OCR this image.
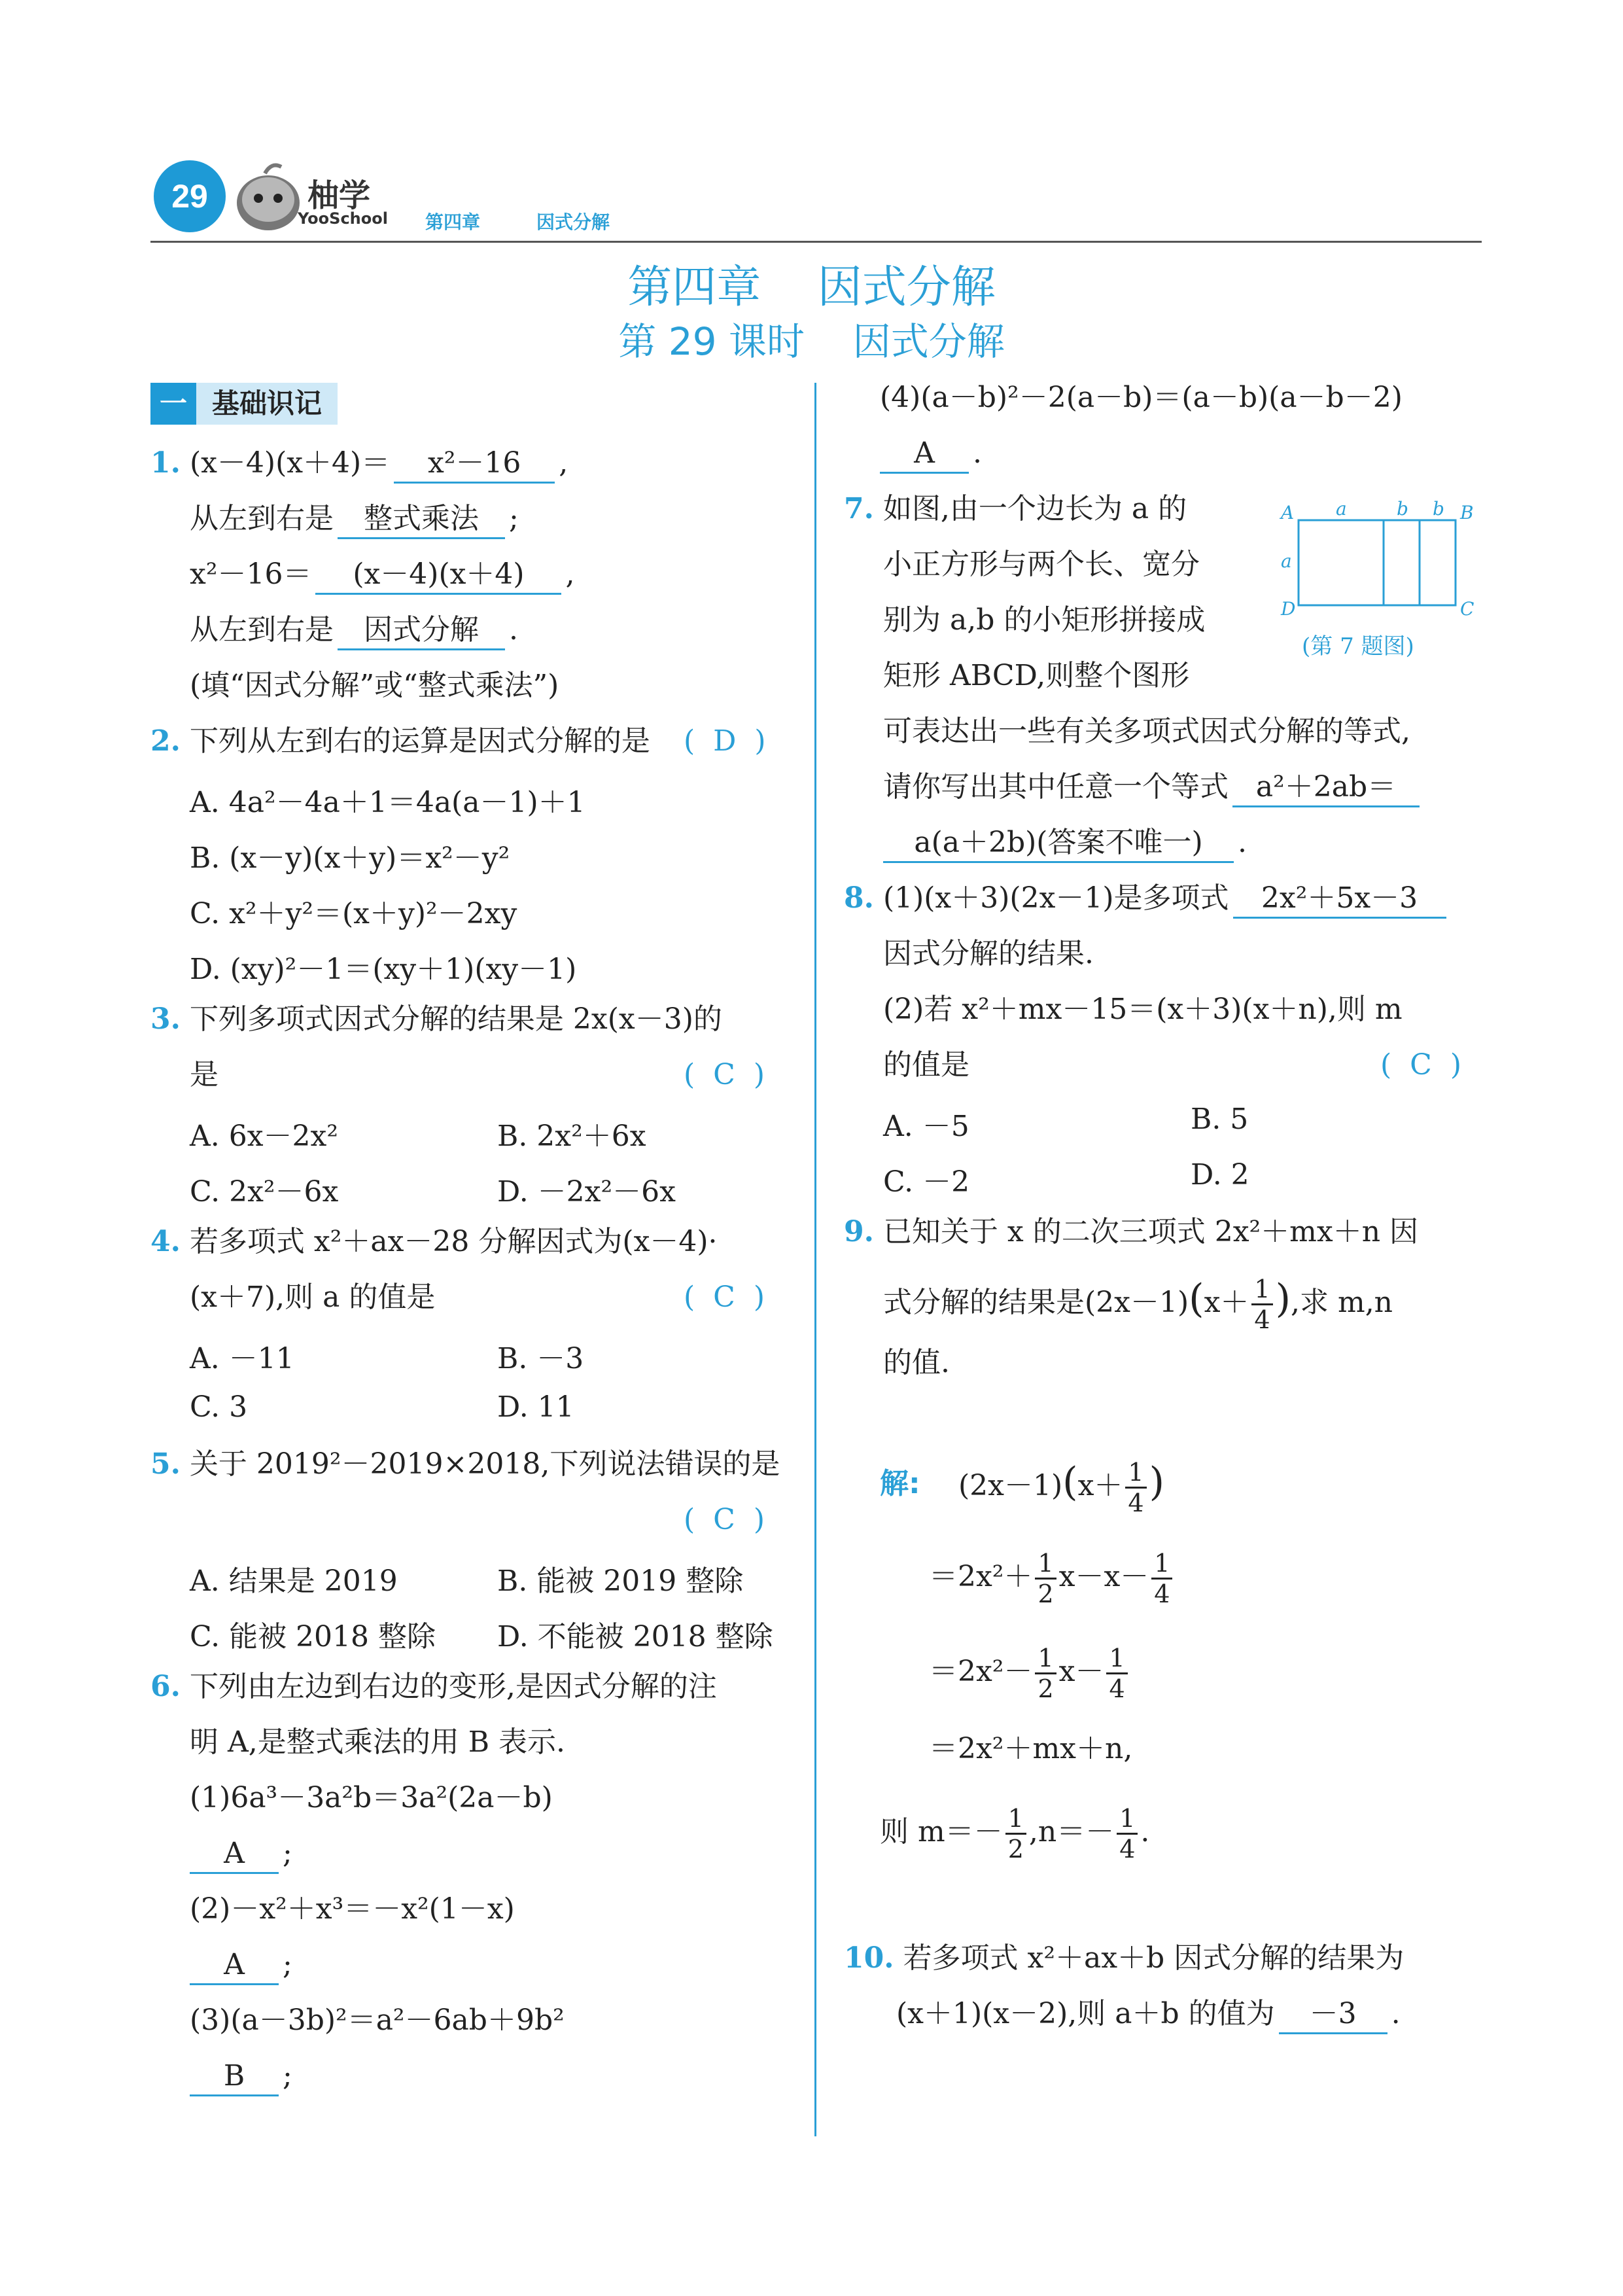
29	柚学
YooSchool 第四章	因式分解
第四章    因式分解
第 29 课时    因式分解
一 基础识记
1. (x－4)(x＋4)＝ x²－16 ,
从左到右是 整式乘法 ;
x²－16＝ (x－4)(x＋4) ,
从左到右是 因式分解 .
(填“因式分解”或“整式乘法”)
2. 下列从左到右的运算是因式分解的是 ( D )
A. 4a²－4a＋1＝4a(a－1)＋1
B. (x－y)(x＋y)＝x²－y²
C. x²＋y²＝(x＋y)²－2xy
D. (xy)²－1＝(xy＋1)(xy－1)
3. 下列多项式因式分解的结果是 2x(x－3)的
是	( C )
A. 6x－2x²	B. 2x²＋6x
C. 2x²－6x	D. －2x²－6x
4. 若多项式 x²＋ax－28 分解因式为(x－4)·
(x＋7),则 a 的值是	( C )
A. －11	B. －3
C. 3	D. 11
5. 关于 2019²－2019×2018,下列说法错误的是
( C )
A. 结果是 2019	B. 能被 2019 整除
C. 能被 2018 整除 D. 不能被 2018 整除
6. 下列由左边到右边的变形,是因式分解的注
明 A,是整式乘法的用 B 表示.
(1)6a³－3a²b＝3a²(2a－b)
A ;
(2)－x²＋x³＝－x²(1－x)
A ;
(3)(a－3b)²＝a²－6ab＋9b²
B ;
(4)(a－b)²－2(a－b)＝(a－b)(a－b－2)
A .
7. 如图,由一个边长为 a 的
小正方形与两个长、宽分
别为 a,b 的小矩形拼接成
矩形 ABCD,则整个图形
可表达出一些有关多项式因式分解的等式,
请你写出其中任意一个等式 a²＋2ab＝
a(a＋2b)(答案不唯一) .
A	B
C
D
a	b b
a
(第 7 题图)
8. (1)(x＋3)(2x－1)是多项式 2x²＋5x－3
因式分解的结果.
(2)若 x²＋mx－15＝(x＋3)(x＋n),则 m
的值是	( C )
A. －5	B. 5
C. －2	D. 2
9. 已知关于 x 的二次三项式 2x²＋mx＋n 因
式分解的结果是$(2x-1)(x+ \frac{1}{4}$ ),求 m,n
的值.
解: $(2x-1)(x+ \frac{1}{4}$ )
$=2x^2+ \frac{1}{2} x-x- \frac{1}{4}$
$=2x^2- \frac{1}{2} x- \frac{1}{4}$
＝2x²＋mx＋n,
则 $m=- \frac{1}{2} ,n=- \frac{1}{4}$ .
10. 若多项式 x²＋ax＋b 因式分解的结果为
(x＋1)(x－2),则 a＋b 的值为 －3 .
